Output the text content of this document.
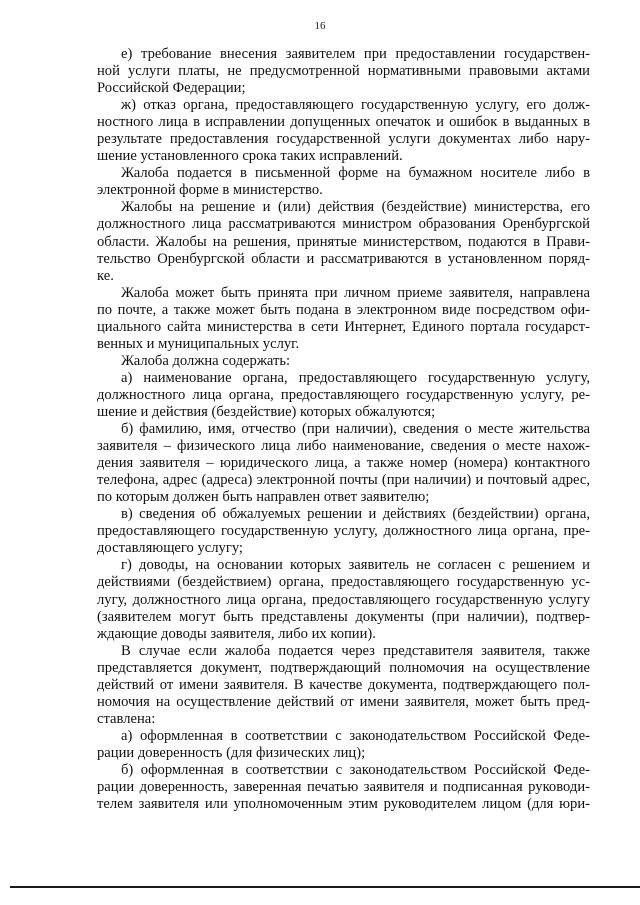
16
е) требование внесения заявителем при предоставлении государствен-
ной услуги платы, не предусмотренной нормативными правовыми актами
Российской Федерации;
ж) отказ органа, предоставляющего государственную услугу, его долж-
ностного лица в исправлении допущенных опечаток и ошибок в выданных в
результате предоставления государственной услуги документах либо нару-
шение установленного срока таких исправлений.
Жалоба подается в письменной форме на бумажном носителе либо в
электронной форме в министерство.
Жалобы на решение и (или) действия (бездействие) министерства, его
должностного лица рассматриваются министром образования Оренбургской
области. Жалобы на решения, принятые министерством, подаются в Прави-
тельство Оренбургской области и рассматриваются в установленном поряд-
ке.
Жалоба может быть принята при личном приеме заявителя, направлена
по почте, а также может быть подана в электронном виде посредством офи-
циального сайта министерства в сети Интернет, Единого портала государст-
венных и муниципальных услуг.
Жалоба должна содержать:
а) наименование органа, предоставляющего государственную услугу,
должностного лица органа, предоставляющего государственную услугу, ре-
шение и действия (бездействие) которых обжалуются;
б) фамилию, имя, отчество (при наличии), сведения о месте жительства
заявителя – физического лица либо наименование, сведения о месте нахож-
дения заявителя – юридического лица, а также номер (номера) контактного
телефона, адрес (адреса) электронной почты (при наличии) и почтовый адрес,
по которым должен быть направлен ответ заявителю;
в) сведения об обжалуемых решении и действиях (бездействии) органа,
предоставляющего государственную услугу, должностного лица органа, пре-
доставляющего услугу;
г) доводы, на основании которых заявитель не согласен с решением и
действиями (бездействием) органа, предоставляющего государственную ус-
лугу, должностного лица органа, предоставляющего государственную услугу
(заявителем могут быть представлены документы (при наличии), подтвер-
ждающие доводы заявителя, либо их копии).
В случае если жалоба подается через представителя заявителя, также
представляется документ, подтверждающий полномочия на осуществление
действий от имени заявителя. В качестве документа, подтверждающего пол-
номочия на осуществление действий от имени заявителя, может быть пред-
ставлена:
а) оформленная в соответствии с законодательством Российской Феде-
рации доверенность (для физических лиц);
б) оформленная в соответствии с законодательством Российской Феде-
рации доверенность, заверенная печатью заявителя и подписанная руководи-
телем заявителя или уполномоченным этим руководителем лицом (для юри-
